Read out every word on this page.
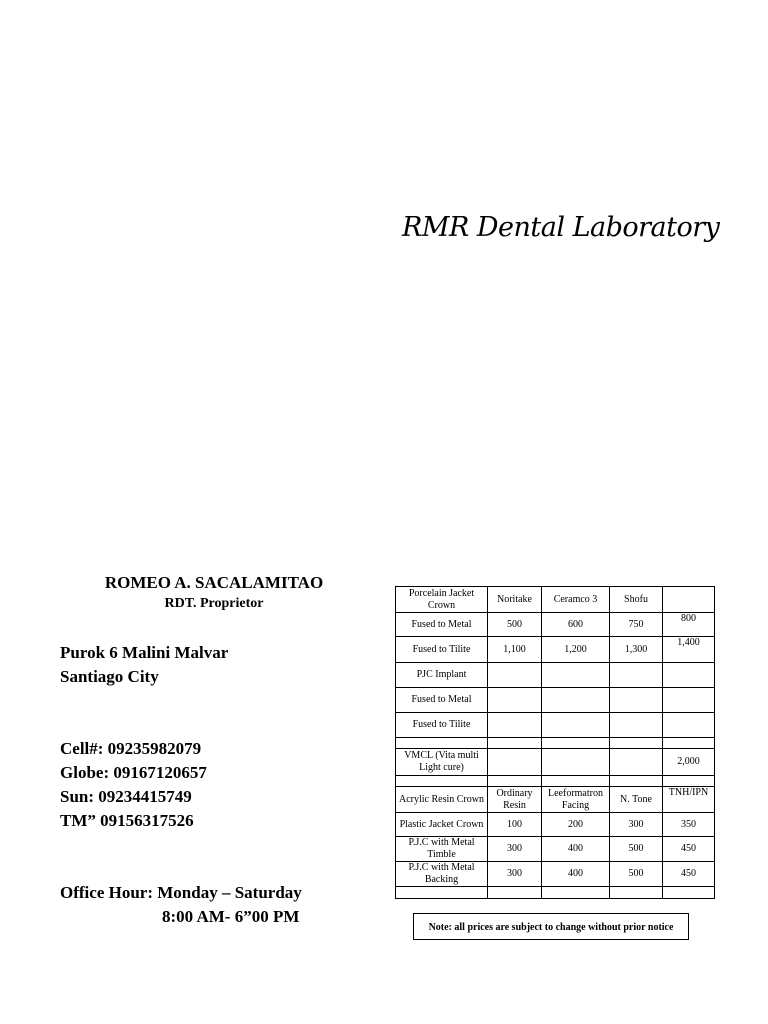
RMR Dental Laboratory
ROMEO A. SACALAMITAO
RDT. Proprietor
Purok 6 Malini Malvar
Santiago City
Cell#: 09235982079
Globe: 09167120657
Sun: 09234415749
TM” 09156317526
Office Hour: Monday – Saturday
8:00 AM- 6”00 PM
Porcelain Jacket Crown	Noritake	Ceramco 3	Shofu	
Fused to Metal	500	600	750	800
Fused to Tilite	1,100	1,200	1,300	1,400
PJC Implant				
Fused to Metal				
Fused to Tilite				

VMCL (Vita multi Light cure)				2,000

Acrylic Resin Crown	Ordinary Resin	Leeformatron Facing	N. Tone	TNH/IPN
Plastic Jacket Crown	100	200	300	350
P.J.C with Metal Timble	300	400	500	450
P.J.C with Metal Backing	300	400	500	450

Note: all prices are subject to change without prior notice
